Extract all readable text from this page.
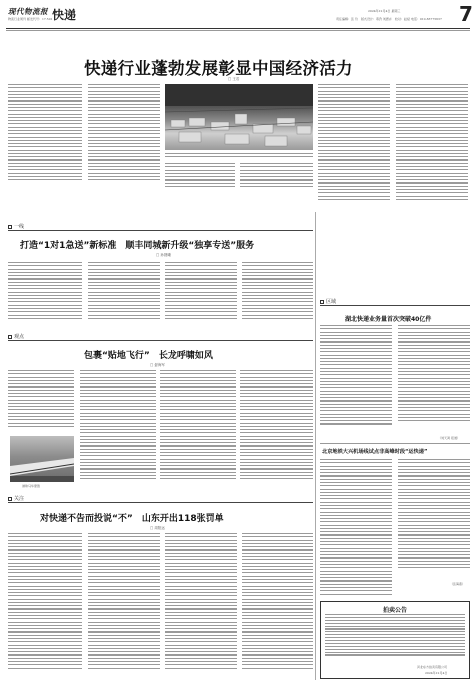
现代物流报
物流行业周刊 邮发代号：17-501 快递	2024年12月4日 星期三
责任编辑：张 玲　版式设计：莫孜 刘德卉　校对：赵斌 电话：010-83775637 7
快递行业蓬勃发展彰显中国经济活力
□ 王若
一线
打造“1对1急送”新标准　顺丰同城新升级“独享专送”服务
□ 孙捷曦
观点
包裹“贴地飞行”　长龙呼啸如风
□ 晏海军
港珠马华蒙胜
关注
对快递不告而投说“不”　山东开出118张罚单
□ 周阳远
区域
湖北快递业务量首次突破40亿件
（刘天鸿 报道）
北京地铁大兴机场线试点非高峰时段“运快递”
（张海燕）
拍卖公告
河北东方拍卖有限公司
2024年12月4日
